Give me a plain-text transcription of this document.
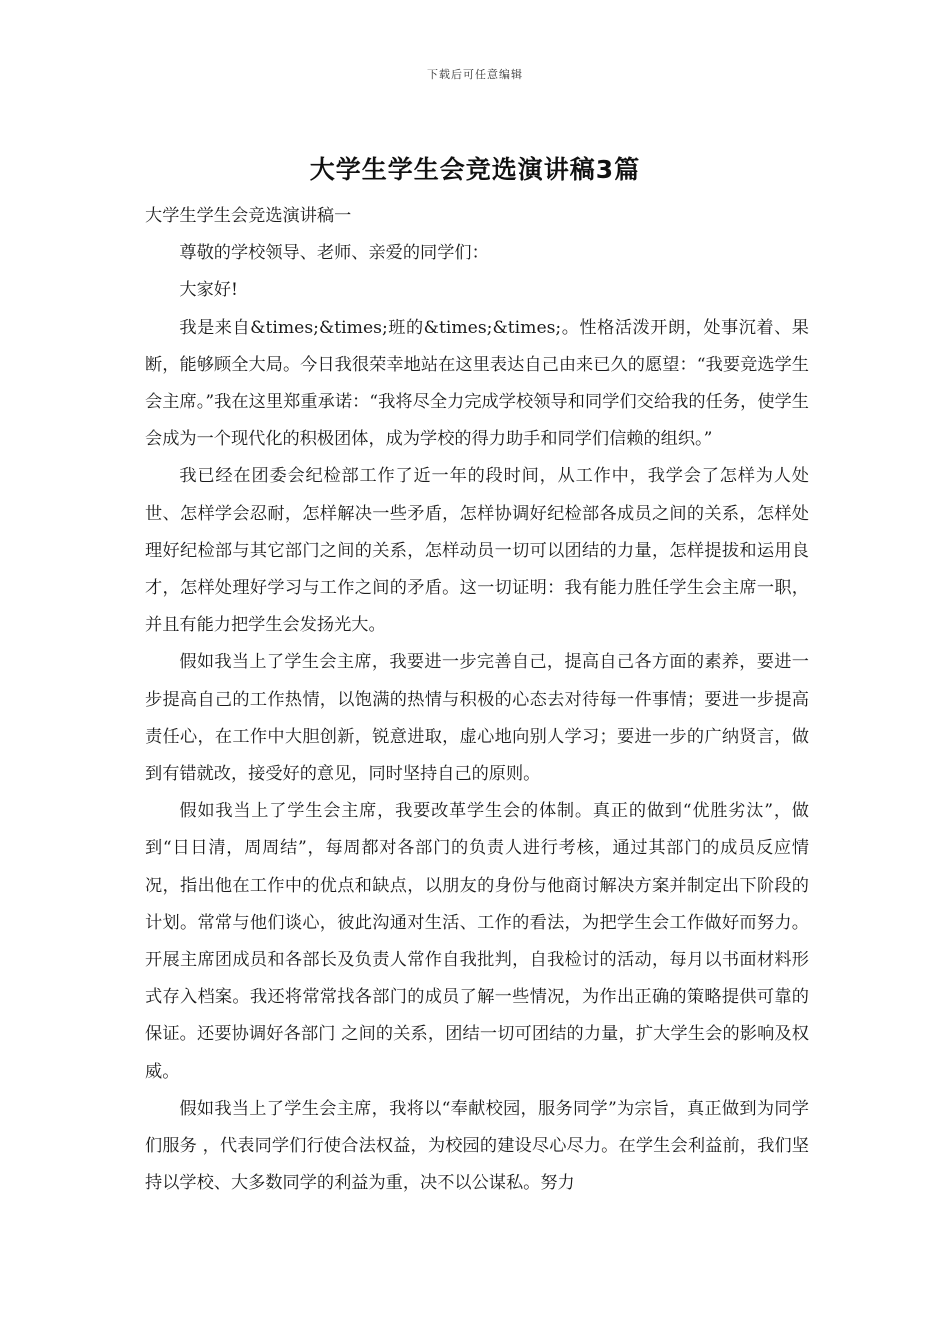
下载后可任意编辑
大学生学生会竞选演讲稿3篇

大学生学生会竞选演讲稿一

尊敬的学校领导、老师、亲爱的同学们：

大家好!

我是来自&times;&times;班的&times;&times;。性格活泼开朗，处事沉着、果断，能够顾全大局。今日我很荣幸地站在这里表达自己由来已久的愿望：“我要竞选学生会主席。”我在这里郑重承诺：“我将尽全力完成学校领导和同学们交给我的任务，使学生会成为一个现代化的积极团体，成为学校的得力助手和同学们信赖的组织。”

我已经在团委会纪检部工作了近一年的段时间，从工作中，我学会了怎样为人处世、怎样学会忍耐，怎样解决一些矛盾，怎样协调好纪检部各成员之间的关系，怎样处理好纪检部与其它部门之间的关系，怎样动员一切可以团结的力量，怎样提拔和运用良才，怎样处理好学习与工作之间的矛盾。这一切证明：我有能力胜任学生会主席一职，并且有能力把学生会发扬光大。

假如我当上了学生会主席，我要进一步完善自己，提高自己各方面的素养，要进一步提高自己的工作热情，以饱满的热情与积极的心态去对待每一件事情；要进一步提高责任心，在工作中大胆创新，锐意进取，虚心地向别人学习；要进一步的广纳贤言，做到有错就改，接受好的意见，同时坚持自己的原则。

假如我当上了学生会主席，我要改革学生会的体制。真正的做到“优胜劣汰”，做到“日日清，周周结”，每周都对各部门的负责人进行考核，通过其部门的成员反应情况，指出他在工作中的优点和缺点，以朋友的身份与他商讨解决方案并制定出下阶段的计划。常常与他们谈心，彼此沟通对生活、工作的看法，为把学生会工作做好而努力。开展主席团成员和各部长及负责人常作自我批判，自我检讨的活动，每月以书面材料形式存入档案。我还将常常找各部门的成员了解一些情况，为作出正确的策略提供可靠的保证。还要协调好各部门 之间的关系，团结一切可团结的力量，扩大学生会的影响及权威。

假如我当上了学生会主席，我将以“奉献校园，服务同学”为宗旨，真正做到为同学们服务 ，代表同学们行使合法权益，为校园的建设尽心尽力。在学生会利益前，我们坚持以学校、大多数同学的利益为重，决不以公谋私。努力
